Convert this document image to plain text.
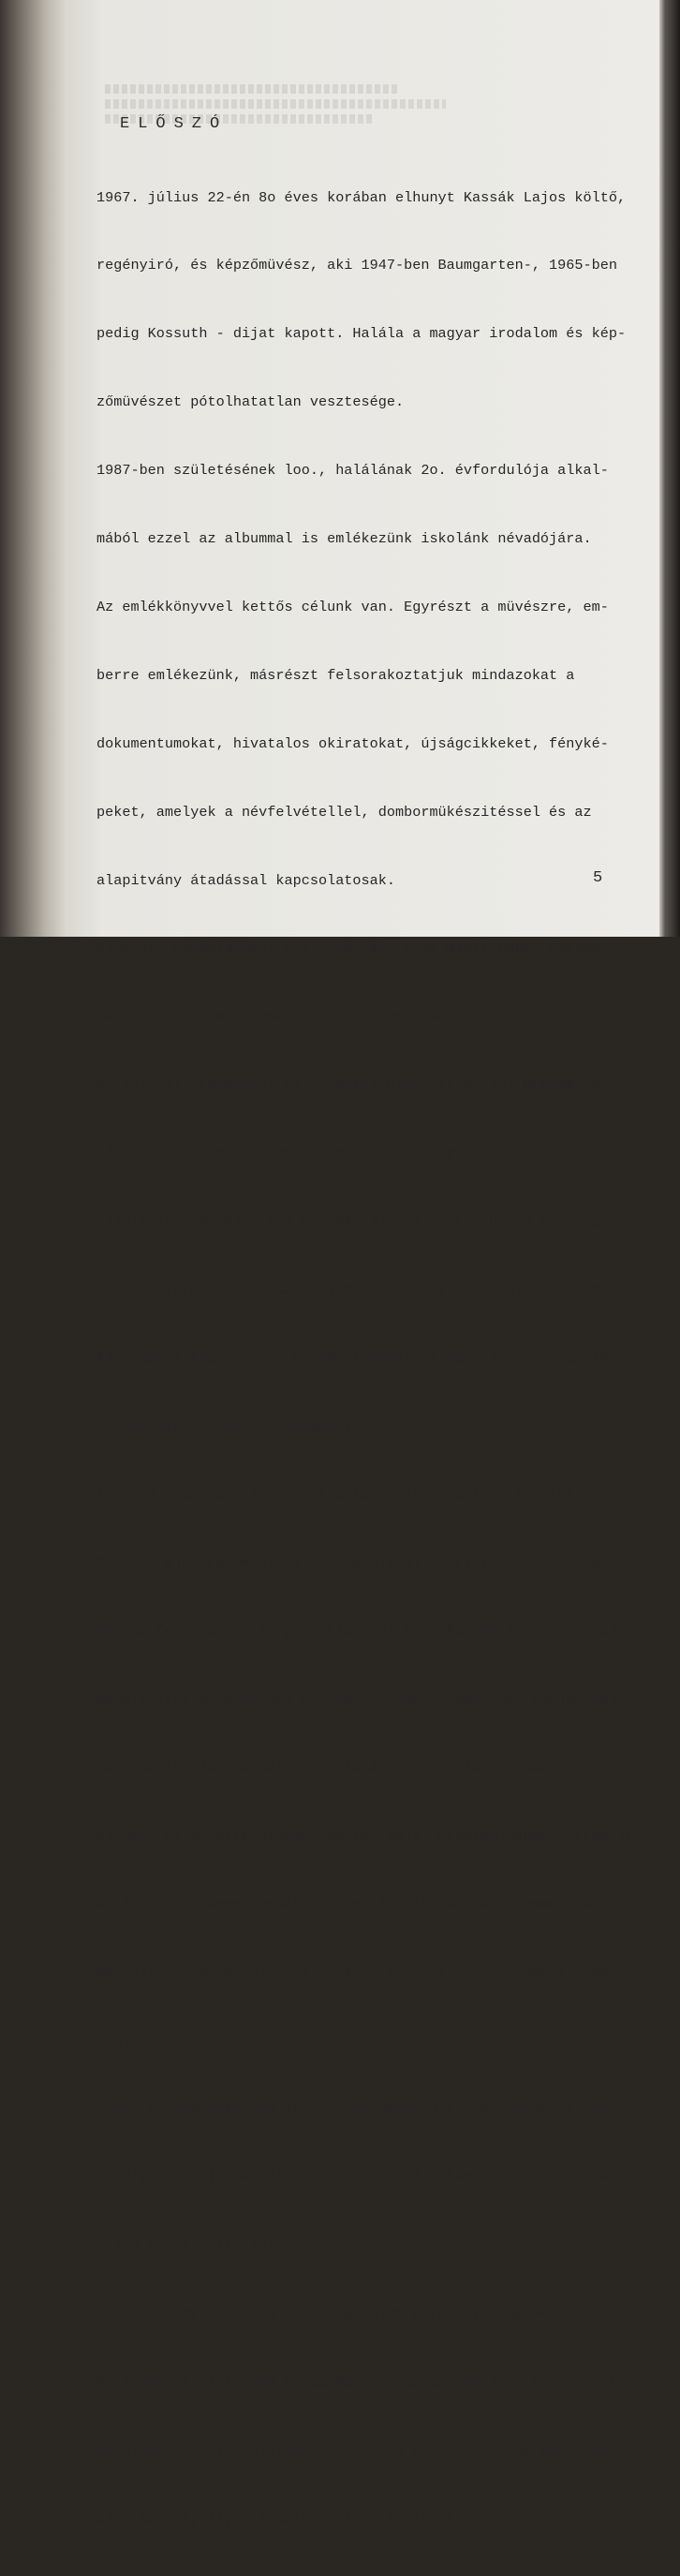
ELŐSZÓ

1967. július 22-én 8o éves korában elhunyt Kassák Lajos költő,

regényiró, és képzőmüvész, aki 1947-ben Baumgarten-, 1965-ben

pedig Kossuth - dijat kapott. Halála a magyar irodalom és kép-

zőmüvészet pótolhatatlan vesztesége.

1987-ben születésének loo., halálának 2o. évfordulója alkal-

mából ezzel az albummal is emlékezünk iskolánk névadójára.

Az emlékkönyvvel kettős célunk van. Egyrészt a müvészre, em-

berre emlékezünk, másrészt felsorakoztatjuk mindazokat a

dokumentumokat, hivatalos okiratokat, újságcikkeket, fényké-

peket, amelyek a névfelvétellel, dombormükészitéssel és az

alapitvány átadással kapcsolatosak.

Először, gondolatban, tekintsük át, hogy miért éppen Kassák

Lajosra esett a választás a névfelvételkor.

Az 1976/77. tanévben: raj, tantestületi és Szülői Munkaközös-

ségi szinten folytattunk vizsgálódást, hogy kiről nevezzük el

iskolánkat. A választás Kassák Lajosra esett. Ugyan ebben az

évben úttörőinkkel összegyüjtettük Kassák Lajos életével, mun-

kásságával kapcsolatos dokumentumokat. Tudatositottuk tanuló-

inkban miben lehet példaképünk.

1977/78. tanévben felvettük a kapcsolatot a III. kerületi

Kassák Lajos Emlékmúzeum igazgatójával Csaplár Ferenccel, a

müvész feleségével Kárpáti Klárával és a Kassák-kör tagjaival.

Megalakitottuk a Kassák Emlékbizottságot, amelynek tagjai vol-

tak: az iskola igazgatónője, tanárai, a szülői munkaközösség

elnöke, és az úttörőtanács egyik tagja. Programjukban szerepelt

az 1978/79. tanév Kassák évvé nyilvánitása, tartalommal való

megtöltése, a névfelvétel előkészitése, és ünnepségének lebo-

nyolitása.

Ennek eredményeképpen 1979. szeptember 3-án, a tanévnyitó ün-

nepélyen, a XIII.kerület Váci út 61. Általános Iskola, Kassák

Lajos nevét vette fel.

Az emlékkönyv kiadása kiváló alkalom arra is, hogy Melicher

Miklósnénak, iskolánk nyugalmazott igazgatónőjének köszönetet

mondjunk, és tiszteletünket fejezzük ki azért, hogy bennünket,

az utódokat, ilyen lehetőségekhez juttatott.

5
